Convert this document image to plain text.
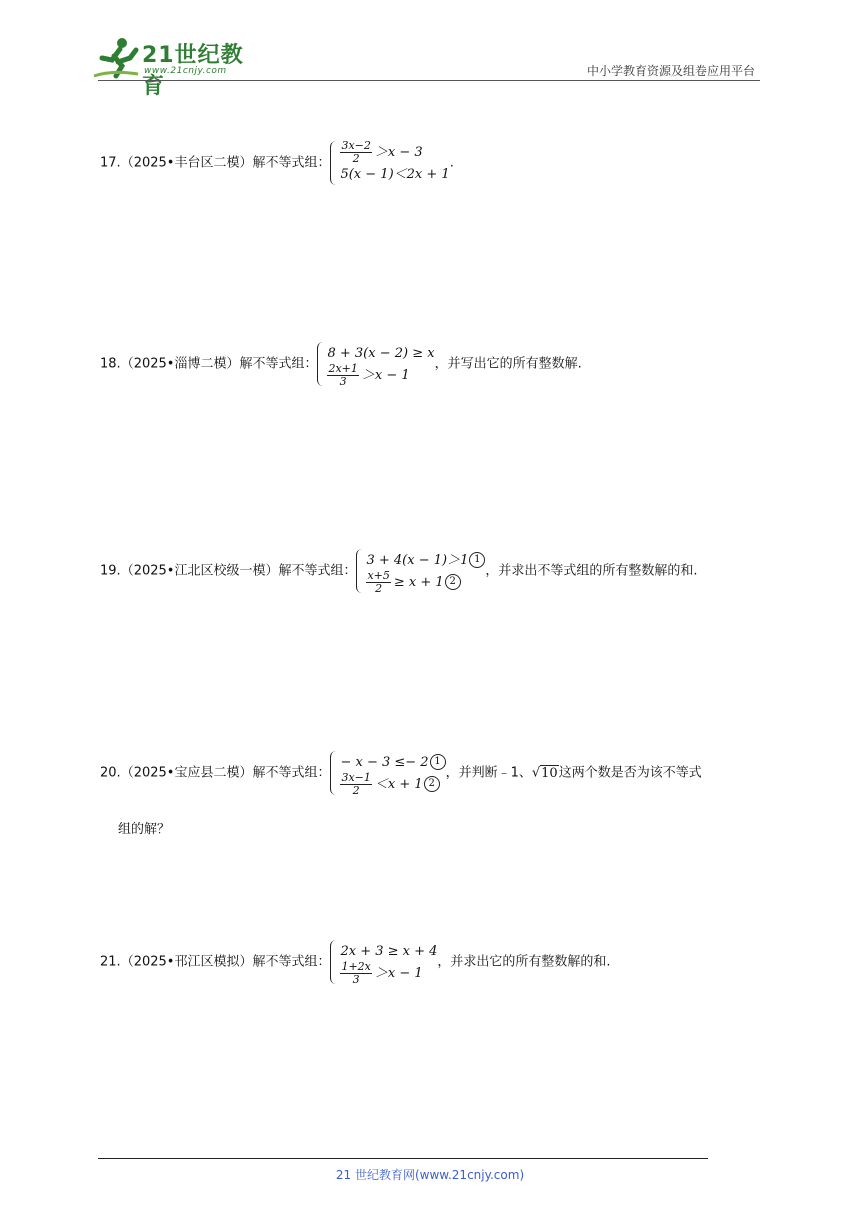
21世纪教育
www.21cnjy.com	中小学教育资源及组卷应用平台
17.（2025•丰台区二模）解不等式组： $\frac{3x-2}{2} >x - 3$
5(x − 1)＜2x + 1
.
18.（2025•淄博二模）解不等式组：
8 + 3(x − 2) ≥ x
$\frac{2x+1}{3} >x - 1$
，并写出它的所有整数解.
19.（2025•江北区校级一模）解不等式组：
3 + 4(x − 1)＞1 1
$\frac{x+5}{2} \ge x + 1$ 2
，并求出不等式组的所有整数解的和.
20.（2025•宝应县二模）解不等式组：
− x − 3 ≤− 2 1
$\frac{3x-1}{2} <x + 1$ 2
，并判断﹣1、√10这两个数是否为该不等式
组的解？
21.（2025•邗江区模拟）解不等式组：
2x + 3 ≥ x + 4
$\frac{1+2x}{3} >x - 1$
，并求出它的所有整数解的和.
21 世纪教育网(www.21cnjy.com)
